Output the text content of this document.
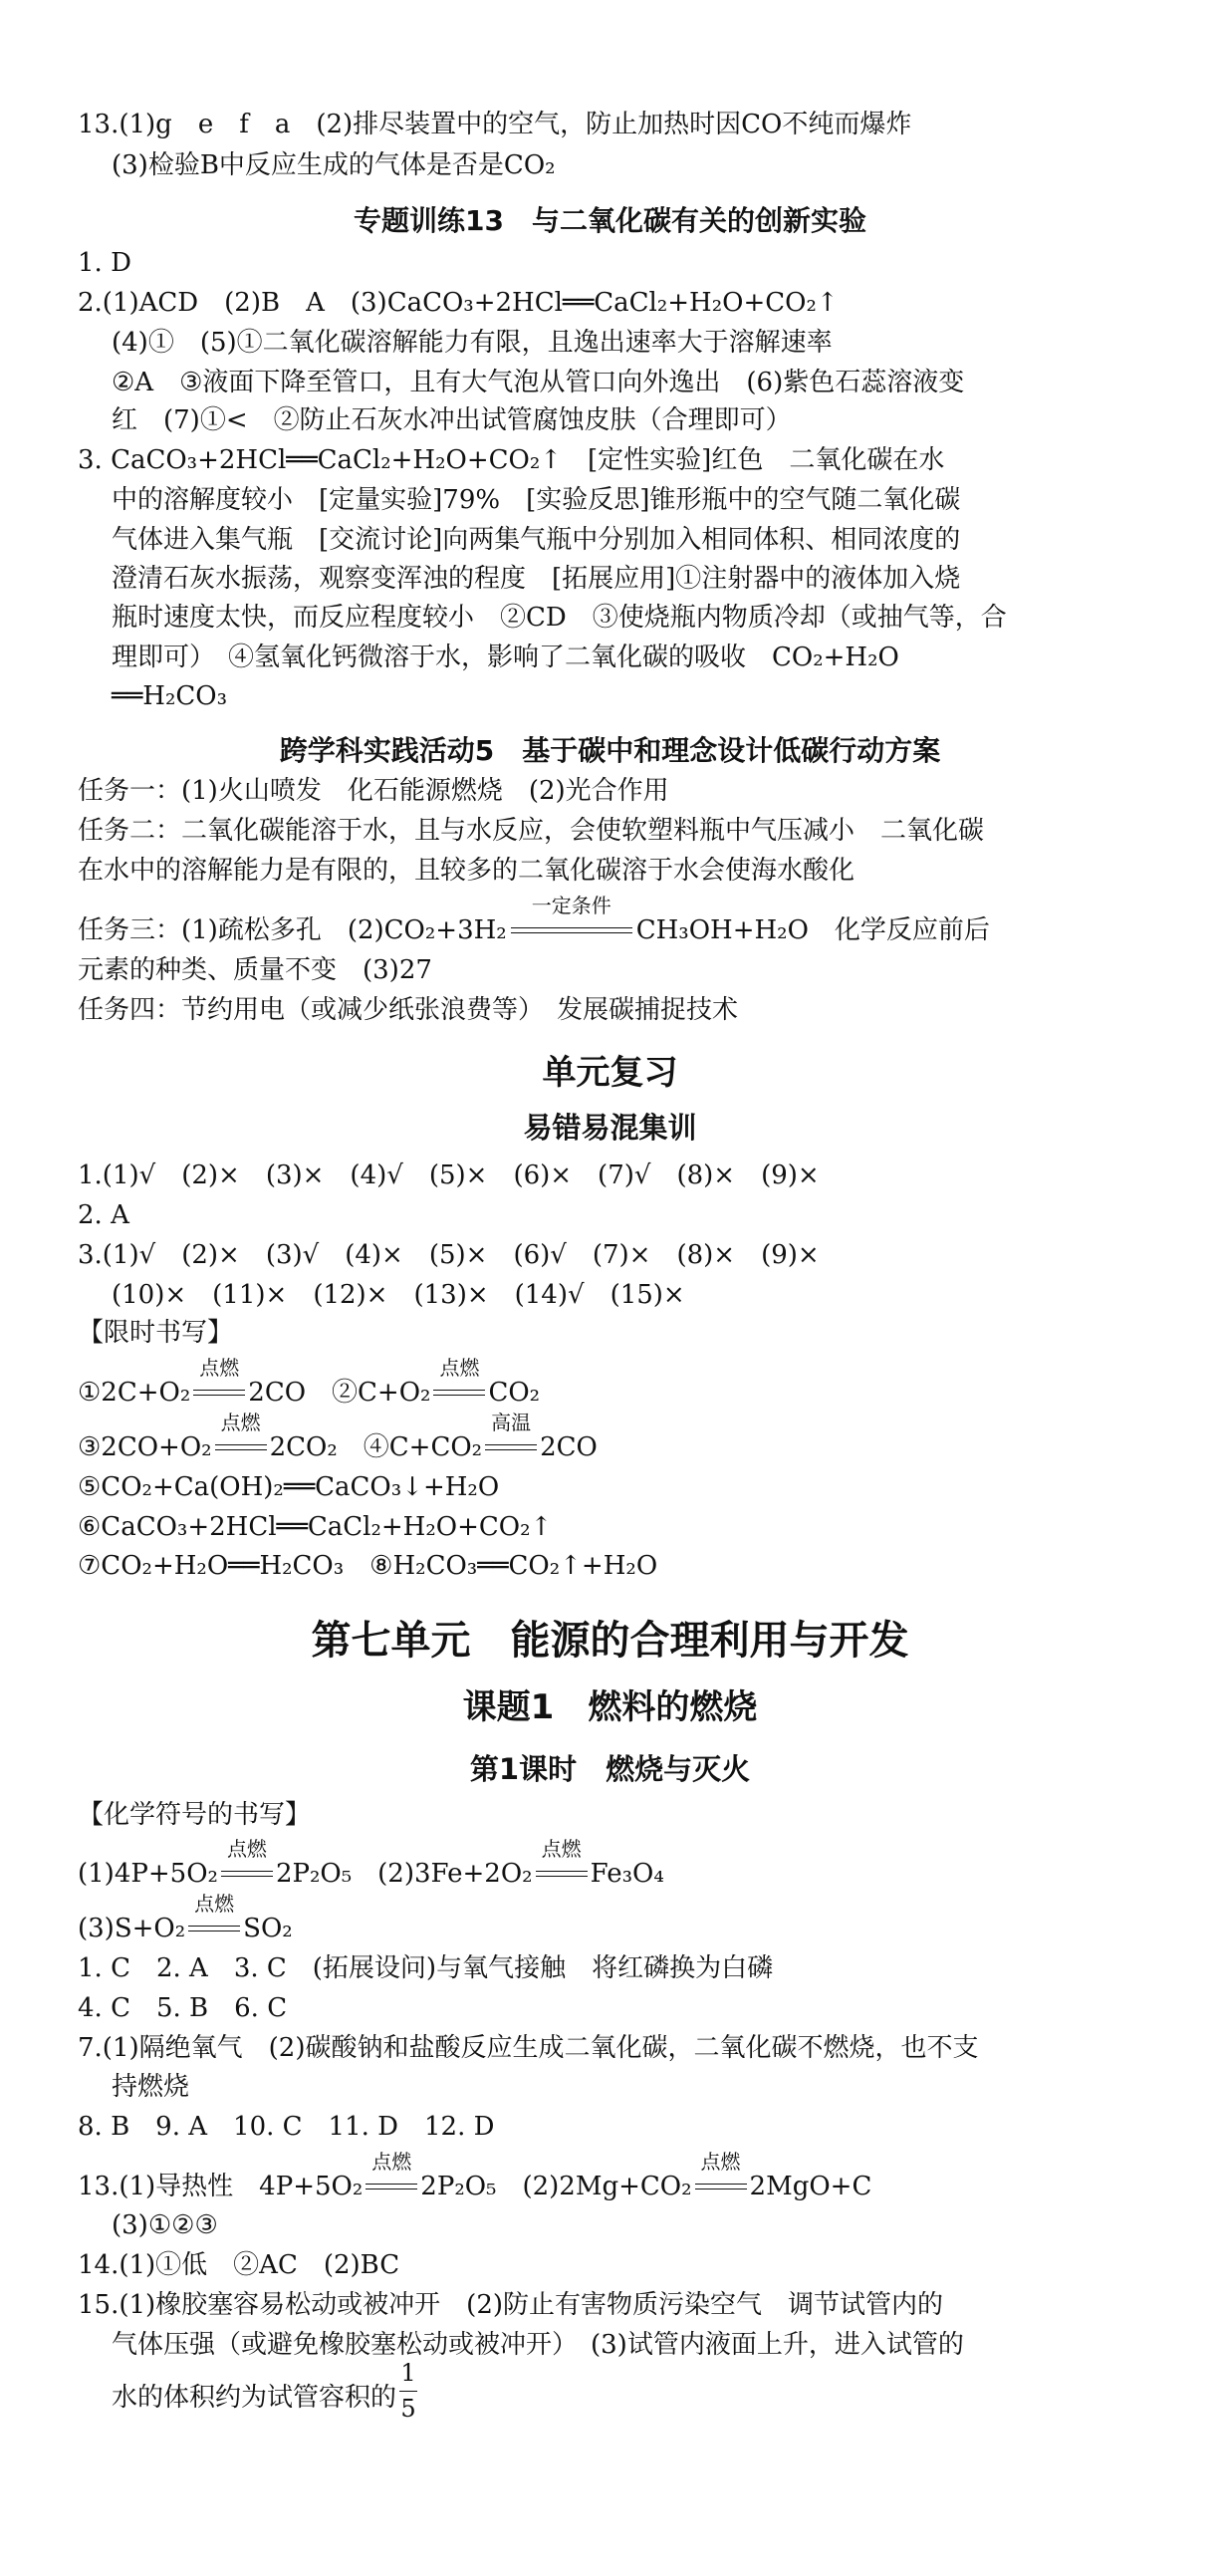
13.(1)g　e　f　a　(2)排尽装置中的空气，防止加热时因CO不纯而爆炸
(3)检验B中反应生成的气体是否是CO₂
专题训练13　与二氧化碳有关的创新实验
1. D
2.(1)ACD　(2)B　A　(3)CaCO₃+2HCl══CaCl₂+H₂O+CO₂↑
(4)①　(5)①二氧化碳溶解能力有限，且逸出速率大于溶解速率
②A　③液面下降至管口，且有大气泡从管口向外逸出　(6)紫色石蕊溶液变
红　(7)①<　②防止石灰水冲出试管腐蚀皮肤（合理即可）
3. CaCO₃+2HCl══CaCl₂+H₂O+CO₂↑　[定性实验]红色　二氧化碳在水
中的溶解度较小　[定量实验]79%　[实验反思]锥形瓶中的空气随二氧化碳
气体进入集气瓶　[交流讨论]向两集气瓶中分别加入相同体积、相同浓度的
澄清石灰水振荡，观察变浑浊的程度　[拓展应用]①注射器中的液体加入烧
瓶时速度太快，而反应程度较小　②CD　③使烧瓶内物质冷却（或抽气等，合
理即可）　④氢氧化钙微溶于水，影响了二氧化碳的吸收　CO₂+H₂O
══H₂CO₃
跨学科实践活动5　基于碳中和理念设计低碳行动方案
任务一：(1)火山喷发　化石能源燃烧　(2)光合作用
任务二：二氧化碳能溶于水，且与水反应，会使软塑料瓶中气压减小　二氧化碳
在水中的溶解能力是有限的，且较多的二氧化碳溶于水会使海水酸化
任务三：(1)疏松多孔　(2)CO₂+3H₂
一定条件
CH₃OH+H₂O　化学反应前后
元素的种类、质量不变　(3)27
任务四：节约用电（或减少纸张浪费等）　发展碳捕捉技术
单元复习
易错易混集训
1.(1)√　(2)×　(3)×　(4)√　(5)×　(6)×　(7)√　(8)×　(9)×
2. A
3.(1)√　(2)×　(3)√　(4)×　(5)×　(6)√　(7)×　(8)×　(9)×
(10)×　(11)×　(12)×　(13)×　(14)√　(15)×
【限时书写】
①2C+O₂
点燃
2CO　②C+O₂
点燃
CO₂
③2CO+O₂
点燃
2CO₂　④C+CO₂
高温
2CO
⑤CO₂+Ca(OH)₂══CaCO₃↓+H₂O
⑥CaCO₃+2HCl══CaCl₂+H₂O+CO₂↑
⑦CO₂+H₂O══H₂CO₃　⑧H₂CO₃══CO₂↑+H₂O
第七单元　能源的合理利用与开发
课题1　燃料的燃烧
第1课时　燃烧与灭火
【化学符号的书写】
(1)4P+5O₂
点燃
2P₂O₅　(2)3Fe+2O₂
点燃
Fe₃O₄
(3)S+O₂
点燃
SO₂
1. C　2. A　3. C　(拓展设问)与氧气接触　将红磷换为白磷
4. C　5. B　6. C
7.(1)隔绝氧气　(2)碳酸钠和盐酸反应生成二氧化碳，二氧化碳不燃烧，也不支
持燃烧
8. B　9. A　10. C　11. D　12. D
13.(1)导热性　4P+5O₂
点燃
2P₂O₅　(2)2Mg+CO₂
点燃
2MgO+C
(3)①②③
14.(1)①低　②AC　(2)BC
15.(1)橡胶塞容易松动或被冲开　(2)防止有害物质污染空气　调节试管内的
气体压强（或避免橡胶塞松动或被冲开）　(3)试管内液面上升，进入试管的
水的体积约为试管容积的 $\frac{1}{5}$
